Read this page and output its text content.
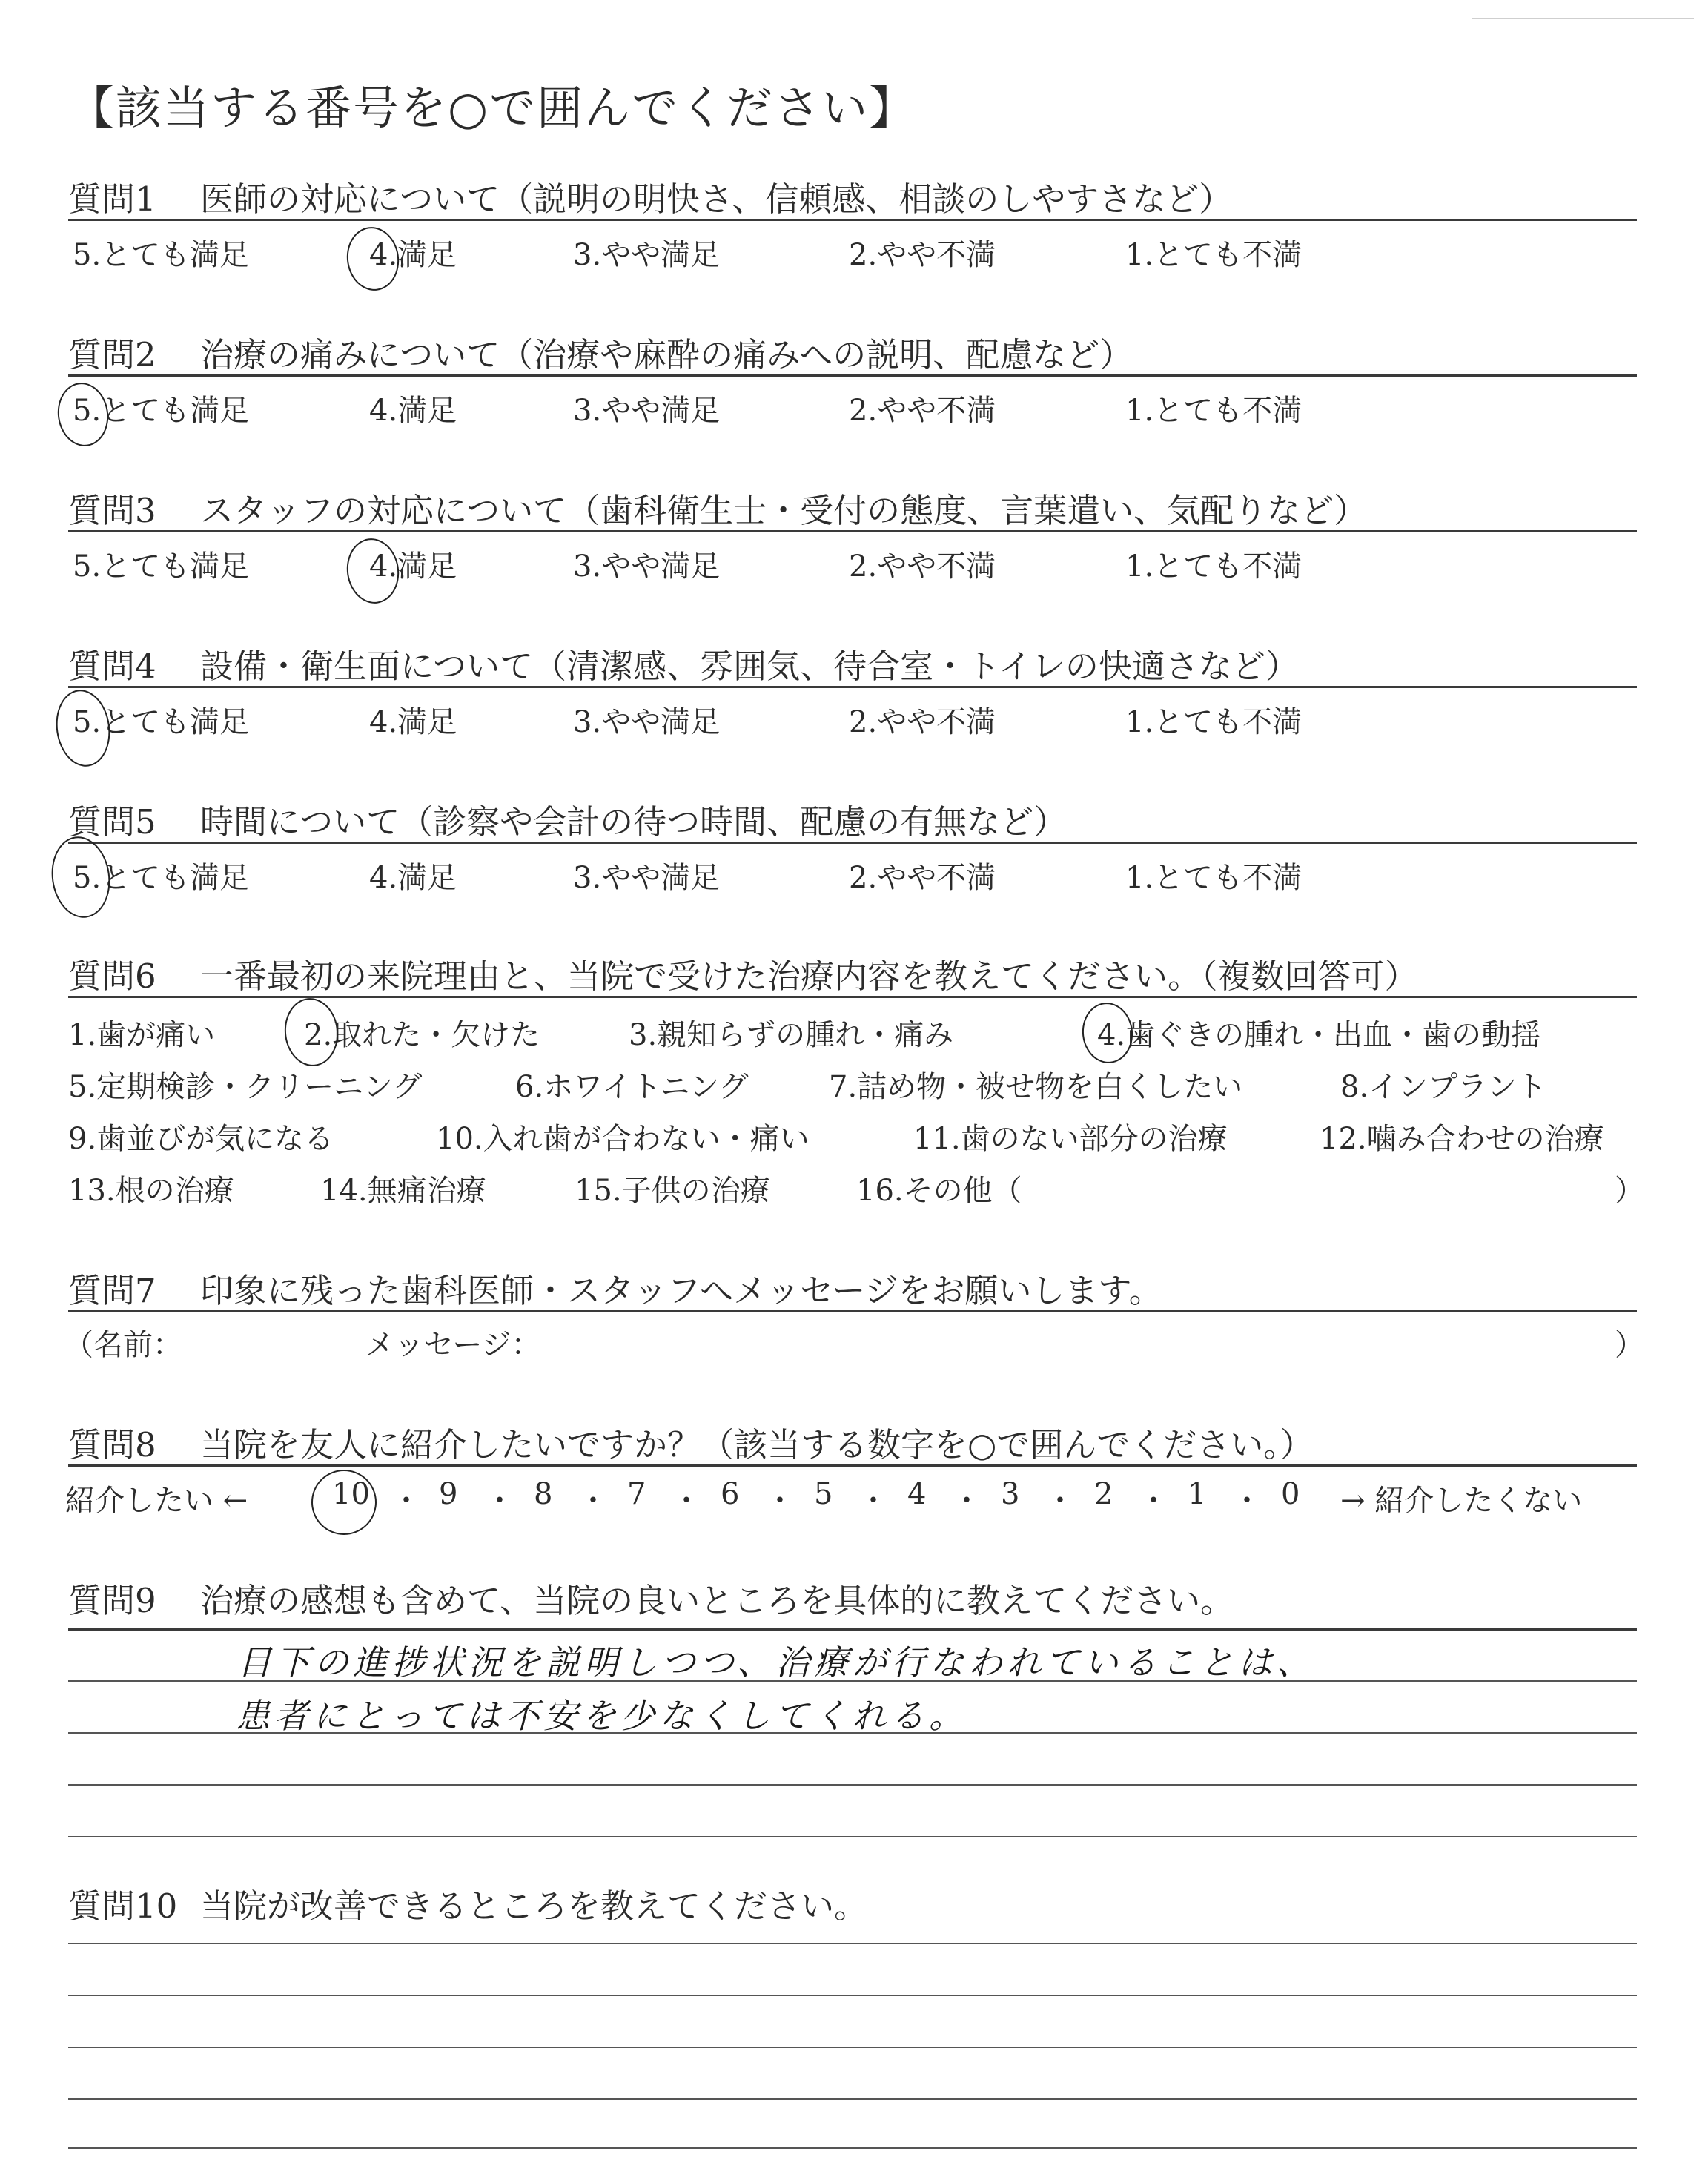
【該当する番号を○で囲んでください】
質問1 医師の対応について（説明の明快さ、信頼感、相談のしやすさなど）
5.とても満足	4.満足	3.やや満足	2.やや不満	1.とても不満
質問2 治療の痛みについて（治療や麻酔の痛みへの説明、配慮など）
5.とても満足	4.満足	3.やや満足	2.やや不満	1.とても不満
質問3 スタッフの対応について（歯科衛生士・受付の態度、言葉遣い、気配りなど）
5.とても満足	4.満足	3.やや満足	2.やや不満	1.とても不満
質問4 設備・衛生面について（清潔感、雰囲気、待合室・トイレの快適さなど）
5.とても満足	4.満足	3.やや満足	2.やや不満	1.とても不満
質問5 時間について（診察や会計の待つ時間、配慮の有無など）
5.とても満足	4.満足	3.やや満足	2.やや不満	1.とても不満
質問6 一番最初の来院理由と、当院で受けた治療内容を教えてください。（複数回答可）
1.歯が痛い	2.取れた・欠けた	3.親知らずの腫れ・痛み	4.歯ぐきの腫れ・出血・歯の動揺
5.定期検診・クリーニング	6.ホワイトニング	7.詰め物・被せ物を白くしたい	8.インプラント
9.歯並びが気になる	10.入れ歯が合わない・痛い	11.歯のない部分の治療	12.噛み合わせの治療
13.根の治療	14.無痛治療	15.子供の治療	16.その他（	）
質問7 印象に残った歯科医師・スタッフへメッセージをお願いします。
（名前：	メッセージ：	）
質問8 当院を友人に紹介したいですか？（該当する数字を○で囲んでください。）
紹介したい ←	→ 紹介したくない
10 ・ 9 ・ 8 ・ 7 ・ 6 ・ 5 ・ 4 ・ 3 ・ 2 ・ 1 ・ 0
質問9 治療の感想も含めて、当院の良いところを具体的に教えてください。
目下の進捗状況を説明しつつ、治療が行なわれていることは、
患者にとっては不安を少なくしてくれる。
質問10 当院が改善できるところを教えてください。
